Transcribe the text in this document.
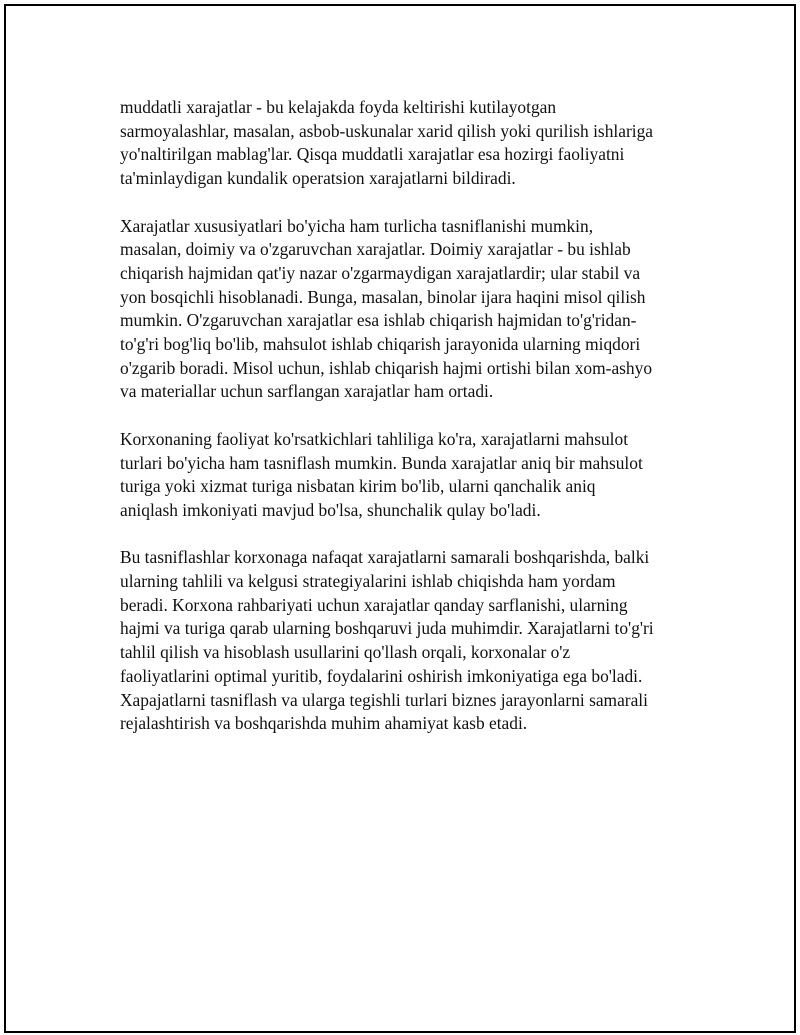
muddatli xarajatlar - bu kelajakda foyda keltirishi kutilayotgan
sarmoyalashlar, masalan, asbob-uskunalar xarid qilish yoki qurilish ishlariga
yo'naltirilgan mablag'lar. Qisqa muddatli xarajatlar esa hozirgi faoliyatni
ta'minlaydigan kundalik operatsion xarajatlarni bildiradi.

Xarajatlar xususiyatlari bo'yicha ham turlicha tasniflanishi mumkin,
masalan, doimiy va o'zgaruvchan xarajatlar. Doimiy xarajatlar - bu ishlab
chiqarish hajmidan qat'iy nazar o'zgarmaydigan xarajatlardir; ular stabil va
yon bosqichli hisoblanadi. Bunga, masalan, binolar ijara haqini misol qilish
mumkin. O'zgaruvchan xarajatlar esa ishlab chiqarish hajmidan to'g'ridan-
to'g'ri bog'liq bo'lib, mahsulot ishlab chiqarish jarayonida ularning miqdori
o'zgarib boradi. Misol uchun, ishlab chiqarish hajmi ortishi bilan xom-ashyo
va materiallar uchun sarflangan xarajatlar ham ortadi.

Korxonaning faoliyat ko'rsatkichlari tahliliga ko'ra, xarajatlarni mahsulot
turlari bo'yicha ham tasniflash mumkin. Bunda xarajatlar aniq bir mahsulot
turiga yoki xizmat turiga nisbatan kirim bo'lib, ularni qanchalik aniq
aniqlash imkoniyati mavjud bo'lsa, shunchalik qulay bo'ladi.

Bu tasniflashlar korxonaga nafaqat xarajatlarni samarali boshqarishda, balki
ularning tahlili va kelgusi strategiyalarini ishlab chiqishda ham yordam
beradi. Korxona rahbariyati uchun xarajatlar qanday sarflanishi, ularning
hajmi va turiga qarab ularning boshqaruvi juda muhimdir. Xarajatlarni to'g'ri
tahlil qilish va hisoblash usullarini qo'llash orqali, korxonalar o'z
faoliyatlarini optimal yuritib, foydalarini oshirish imkoniyatiga ega bo'ladi.
Xapajatlarni tasniflash va ularga tegishli turlari biznes jarayonlarni samarali
rejalashtirish va boshqarishda muhim ahamiyat kasb etadi.
